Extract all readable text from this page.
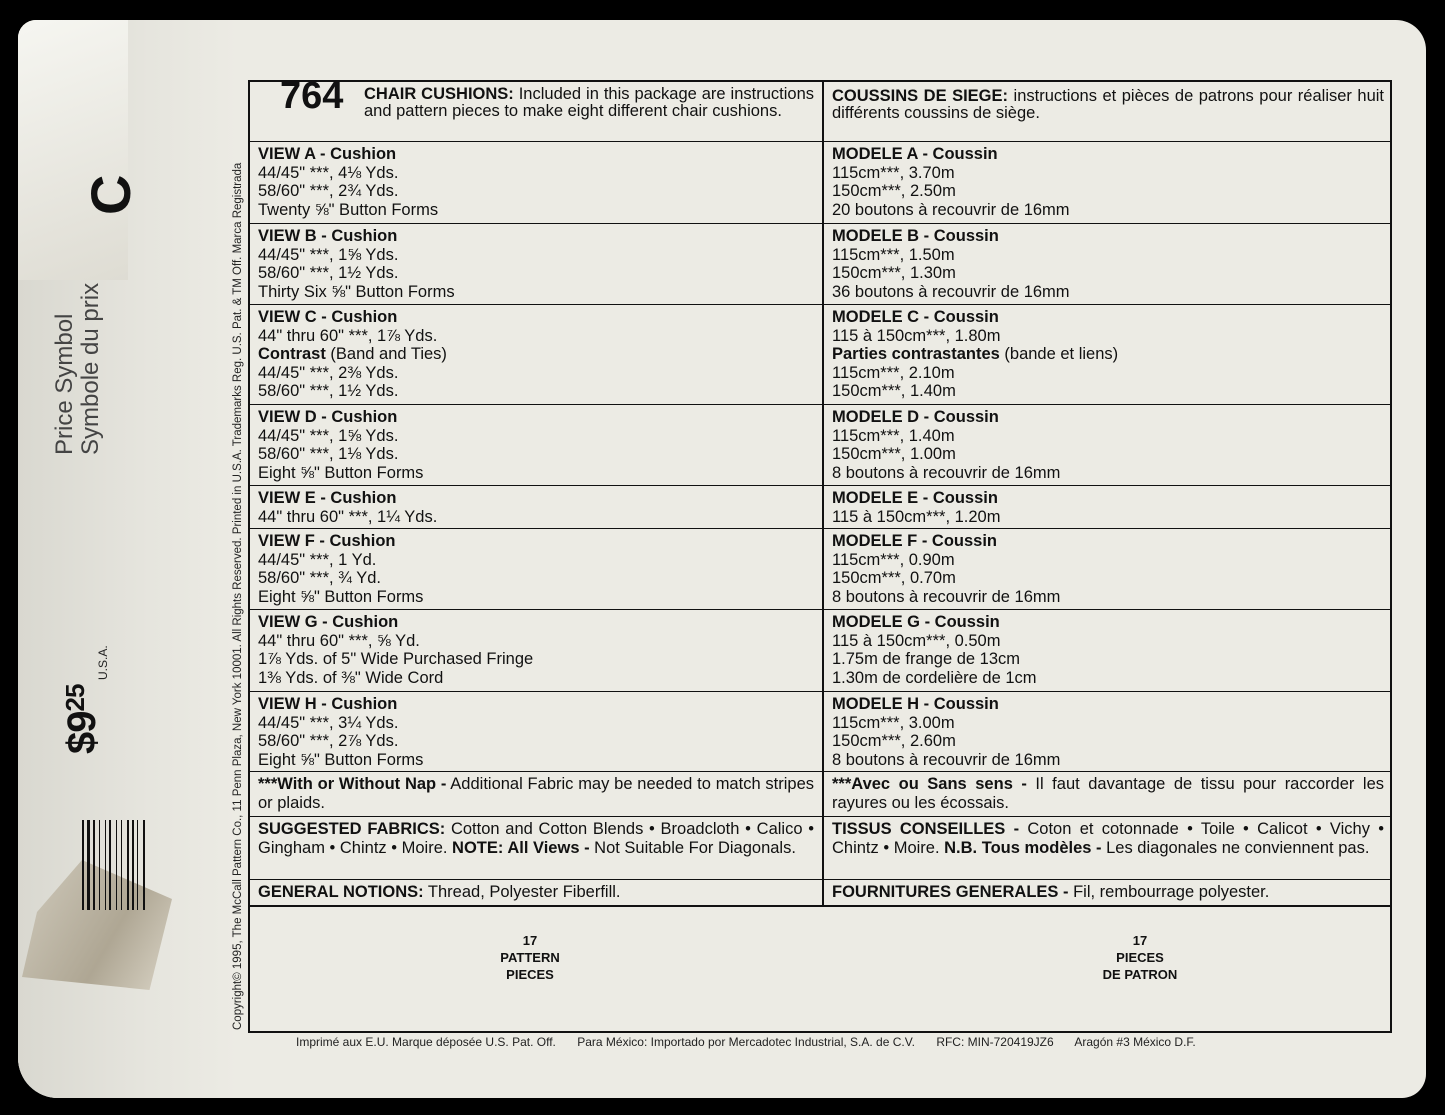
Price Symbol Symbole du prix
C
$\$9^{25}$
U.S.A.	Copyright© 1995, The McCall Pattern Co., 11 Penn Plaza, New York 10001. All Rights Reserved. Printed in U.S.A. Trademarks Reg. U.S. Pat. & TM Off. Marca Registrada
764 CHAIR CUSHIONS: Included in this package are instructions and pattern pieces to make eight different chair cushions.
COUSSINS DE SIEGE: instructions et pièces de patrons pour réaliser huit différents coussins de siège.
VIEW A - Cushion
44/45" ***, 4⅛ Yds.
58/60" ***, 2¾ Yds.
Twenty ⅝" Button Forms
MODELE A - Coussin
115cm***, 3.70m
150cm***, 2.50m
20 boutons à recouvrir de 16mm
VIEW B - Cushion
44/45" ***, 1⅝ Yds.
58/60" ***, 1½ Yds.
Thirty Six ⅝" Button Forms
MODELE B - Coussin
115cm***, 1.50m
150cm***, 1.30m
36 boutons à recouvrir de 16mm
VIEW C - Cushion
44" thru 60" ***, 1⅞ Yds.
Contrast (Band and Ties)
44/45" ***, 2⅜ Yds.
58/60" ***, 1½ Yds.
MODELE C - Coussin
115 à 150cm***, 1.80m
Parties contrastantes (bande et liens)
115cm***, 2.10m
150cm***, 1.40m
VIEW D - Cushion
44/45" ***, 1⅝ Yds.
58/60" ***, 1⅛ Yds.
Eight ⅝" Button Forms
MODELE D - Coussin
115cm***, 1.40m
150cm***, 1.00m
8 boutons à recouvrir de 16mm
VIEW E - Cushion
44" thru 60" ***, 1¼ Yds.
MODELE E - Coussin
115 à 150cm***, 1.20m
VIEW F - Cushion
44/45" ***, 1 Yd.
58/60" ***, ¾ Yd.
Eight ⅝" Button Forms
MODELE F - Coussin
115cm***, 0.90m
150cm***, 0.70m
8 boutons à recouvrir de 16mm
VIEW G - Cushion
44" thru 60" ***, ⅝ Yd.
1⅞ Yds. of 5" Wide Purchased Fringe
1⅜ Yds. of ⅜" Wide Cord
MODELE G - Coussin
115 à 150cm***, 0.50m
1.75m de frange de 13cm
1.30m de cordelière de 1cm
VIEW H - Cushion
44/45" ***, 3¼ Yds.
58/60" ***, 2⅞ Yds.
Eight ⅝" Button Forms
MODELE H - Coussin
115cm***, 3.00m
150cm***, 2.60m
8 boutons à recouvrir de 16mm
***With or Without Nap - Additional Fabric may be needed to match stripes or plaids.
***Avec ou Sans sens - Il faut davantage de tissu pour raccorder les rayures ou les écossais.
SUGGESTED FABRICS: Cotton and Cotton Blends • Broadcloth • Calico • Gingham • Chintz • Moire. NOTE: All Views - Not Suitable For Diagonals.
TISSUS CONSEILLES - Coton et cotonnade • Toile • Calicot • Vichy • Chintz • Moire. N.B. Tous modèles - Les diagonales ne conviennent pas.
GENERAL NOTIONS: Thread, Polyester Fiberfill.	FOURNITURES GENERALES - Fil, rembourrage polyester.
17
PATTERN
PIECES
17
PIECES
DE PATRON
Imprimé aux E.U. Marque déposée U.S. Pat. Off. Para México: Importado por Mercadotec Industrial, S.A. de C.V. RFC: MIN-720419JZ6 Aragón #3 México D.F.
